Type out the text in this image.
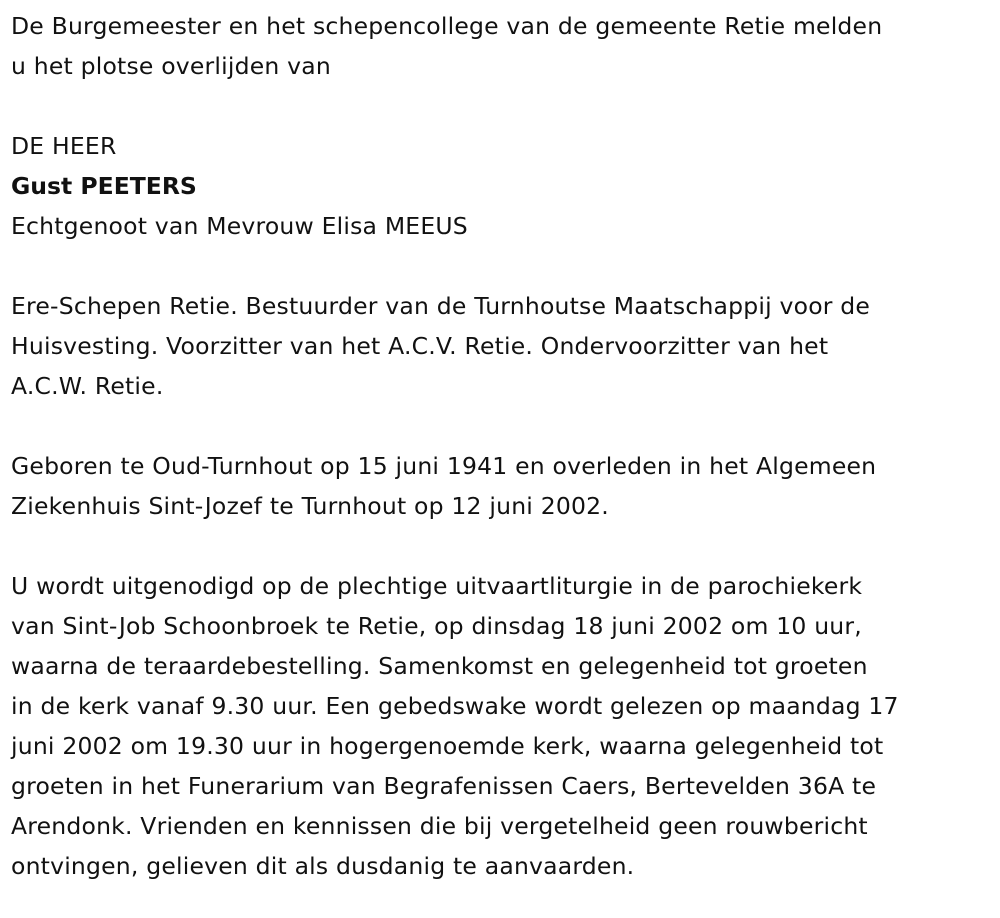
De Burgemeester en het schepencollege van de gemeente Retie melden
u het plotse overlijden van
DE HEER
Gust PEETERS
Echtgenoot van Mevrouw Elisa MEEUS
Ere-Schepen Retie. Bestuurder van de Turnhoutse Maatschappij voor de
Huisvesting. Voorzitter van het A.C.V. Retie. Ondervoorzitter van het
A.C.W. Retie.
Geboren te Oud-Turnhout op 15 juni 1941 en overleden in het Algemeen
Ziekenhuis Sint-Jozef te Turnhout op 12 juni 2002.
U wordt uitgenodigd op de plechtige uitvaartliturgie in de parochiekerk
van Sint-Job Schoonbroek te Retie, op dinsdag 18 juni 2002 om 10 uur,
waarna de teraardebestelling. Samenkomst en gelegenheid tot groeten
in de kerk vanaf 9.30 uur. Een gebedswake wordt gelezen op maandag 17
juni 2002 om 19.30 uur in hogergenoemde kerk, waarna gelegenheid tot
groeten in het Funerarium van Begrafenissen Caers, Bertevelden 36A te
Arendonk. Vrienden en kennissen die bij vergetelheid geen rouwbericht
ontvingen, gelieven dit als dusdanig te aanvaarden.
